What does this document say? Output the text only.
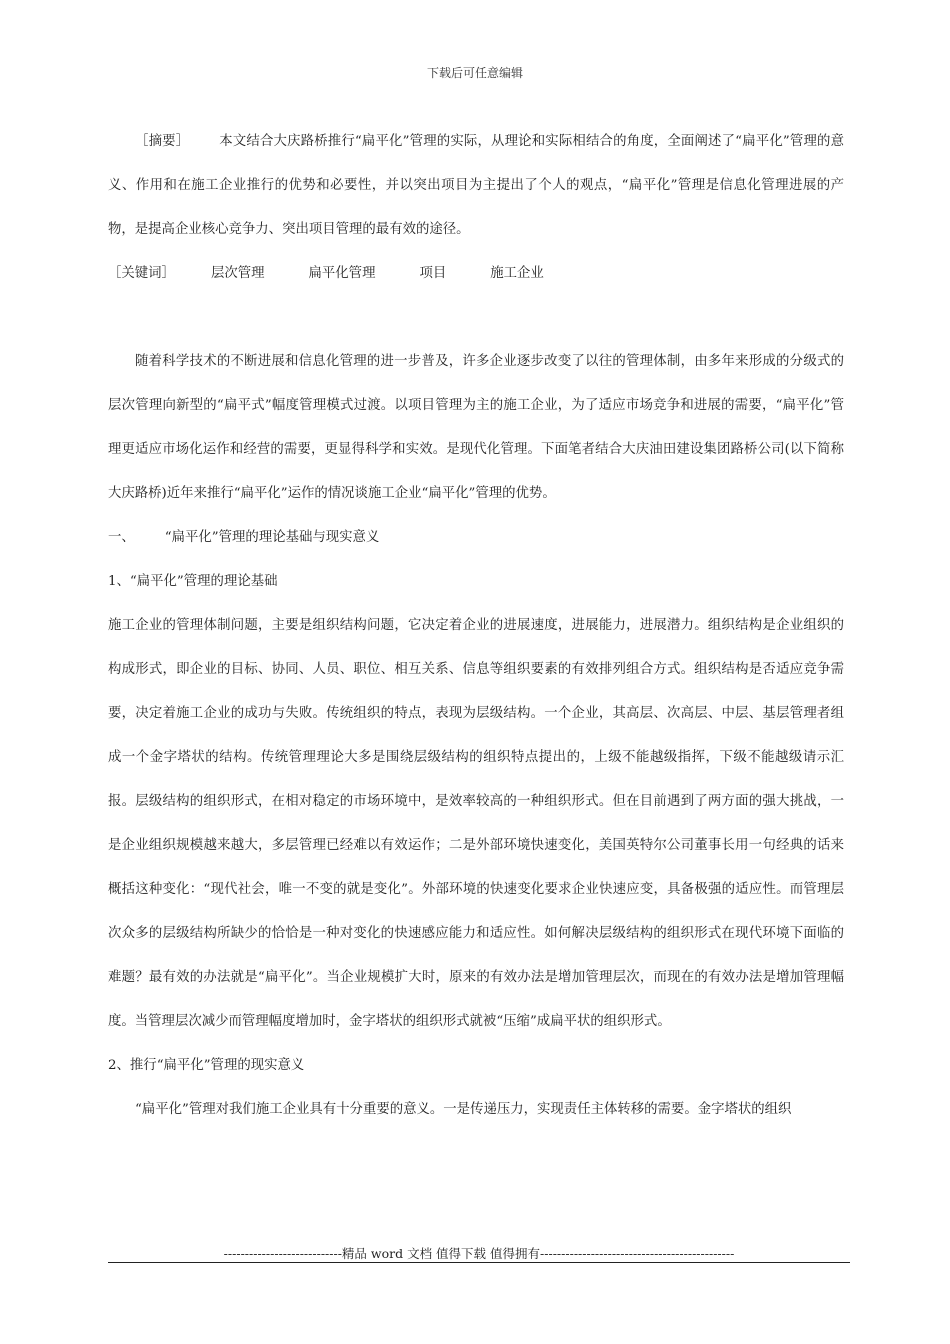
下载后可任意编辑

［摘要］ 本文结合大庆路桥推行“扁平化”管理的实际，从理论和实际相结合的角度，全面阐述了“扁平化”管理的意义、作用和在施工企业推行的优势和必要性，并以突出项目为主提出了个人的观点，“扁平化”管理是信息化管理进展的产物，是提高企业核心竞争力、突出项目管理的最有效的途径。

［关键词］	层次管理	扁平化管理	项目	施工企业

随着科学技术的不断进展和信息化管理的进一步普及，许多企业逐步改变了以往的管理体制，由多年来形成的分级式的层次管理向新型的“扁平式”幅度管理模式过渡。以项目管理为主的施工企业，为了适应市场竞争和进展的需要，“扁平化”管理更适应市场化运作和经营的需要，更显得科学和实效。是现代化管理。下面笔者结合大庆油田建设集团路桥公司(以下简称大庆路桥)近年来推行“扁平化”运作的情况谈施工企业“扁平化”管理的优势。

一、 “扁平化”管理的理论基础与现实意义

1、“扁平化”管理的理论基础

施工企业的管理体制问题，主要是组织结构问题，它决定着企业的进展速度，进展能力，进展潜力。组织结构是企业组织的构成形式，即企业的目标、协同、人员、职位、相互关系、信息等组织要素的有效排列组合方式。组织结构是否适应竞争需要，决定着施工企业的成功与失败。传统组织的特点，表现为层级结构。一个企业，其高层、次高层、中层、基层管理者组成一个金字塔状的结构。传统管理理论大多是围绕层级结构的组织特点提出的，上级不能越级指挥，下级不能越级请示汇报。层级结构的组织形式，在相对稳定的市场环境中，是效率较高的一种组织形式。但在目前遇到了两方面的强大挑战，一是企业组织规模越来越大，多层管理已经难以有效运作；二是外部环境快速变化，美国英特尔公司董事长用一句经典的话来概括这种变化：“现代社会，唯一不变的就是变化”。外部环境的快速变化要求企业快速应变，具备极强的适应性。而管理层次众多的层级结构所缺少的恰恰是一种对变化的快速感应能力和适应性。如何解决层级结构的组织形式在现代环境下面临的难题？最有效的办法就是“扁平化”。当企业规模扩大时，原来的有效办法是增加管理层次，而现在的有效办法是增加管理幅度。当管理层次减少而管理幅度增加时，金字塔状的组织形式就被“压缩”成扁平状的组织形式。

2、推行“扁平化”管理的现实意义

“扁平化”管理对我们施工企业具有十分重要的意义。一是传递压力，实现责任主体转移的需要。金字塔状的组织

----------------------------精品 word 文档 值得下载 值得拥有----------------------------------------------
